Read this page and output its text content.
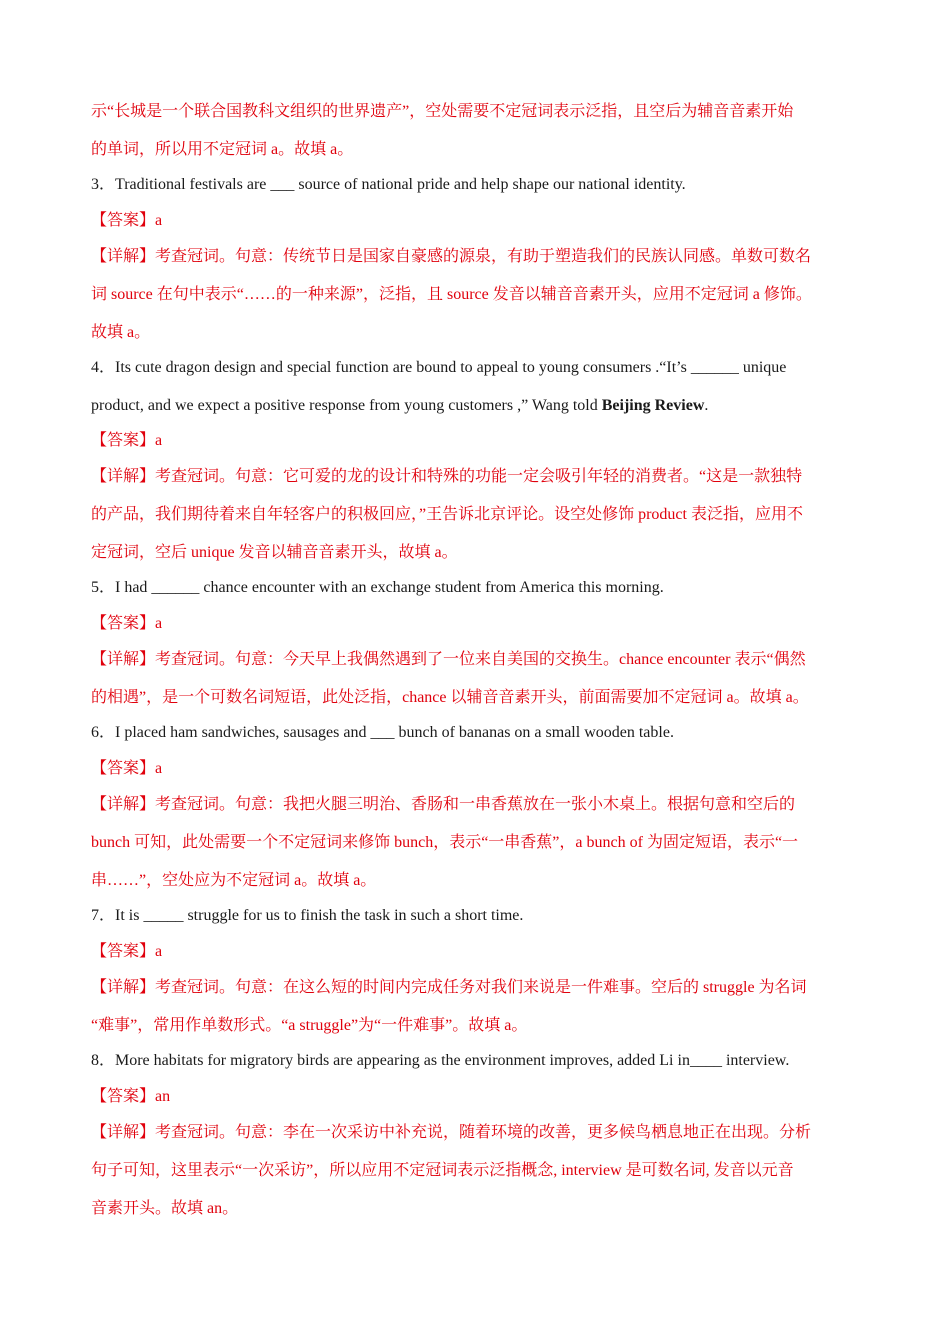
示“长城是一个联合国教科文组织的世界遗产”，空处需要不定冠词表示泛指，且空后为辅音音素开始
的单词，所以用不定冠词 a。故填 a。
3．Traditional festivals are ___ source of national pride and help shape our national identity.
【答案】a
【详解】考查冠词。句意：传统节日是国家自豪感的源泉，有助于塑造我们的民族认同感。单数可数名
词 source 在句中表示“……的一种来源”，泛指，且 source 发音以辅音音素开头，应用不定冠词 a 修饰。
故填 a。
4．Its cute dragon design and special function are bound to appeal to young consumers .“It’s ______ unique
product, and we expect a positive response from young customers ,” Wang told Beijing Review.
【答案】a
【详解】考查冠词。句意：它可爱的龙的设计和特殊的功能一定会吸引年轻的消费者。“这是一款独特
的产品，我们期待着来自年轻客户的积极回应，”王告诉北京评论。设空处修饰 product 表泛指，应用不
定冠词，空后 unique 发音以辅音音素开头，故填 a。
5．I had ______ chance encounter with an exchange student from America this morning.
【答案】a
【详解】考查冠词。句意：今天早上我偶然遇到了一位来自美国的交换生。chance encounter 表示“偶然
的相遇”，是一个可数名词短语，此处泛指，chance 以辅音音素开头，前面需要加不定冠词 a。故填 a。
6．I placed ham sandwiches, sausages and ___ bunch of bananas on a small wooden table.
【答案】a
【详解】考查冠词。句意：我把火腿三明治、香肠和一串香蕉放在一张小木桌上。根据句意和空后的
bunch 可知，此处需要一个不定冠词来修饰 bunch，表示“一串香蕉”，a bunch of 为固定短语，表示“一
串……”，空处应为不定冠词 a。故填 a。
7．It is _____ struggle for us to finish the task in such a short time.
【答案】a
【详解】考查冠词。句意：在这么短的时间内完成任务对我们来说是一件难事。空后的 struggle 为名词
“难事”，常用作单数形式。“a struggle”为“一件难事”。故填 a。
8．More habitats for migratory birds are appearing as the environment improves, added Li in____ interview.
【答案】an
【详解】考查冠词。句意：李在一次采访中补充说，随着环境的改善，更多候鸟栖息地正在出现。分析
句子可知，这里表示“一次采访”，所以应用不定冠词表示泛指概念, interview 是可数名词, 发音以元音
音素开头。故填 an。
